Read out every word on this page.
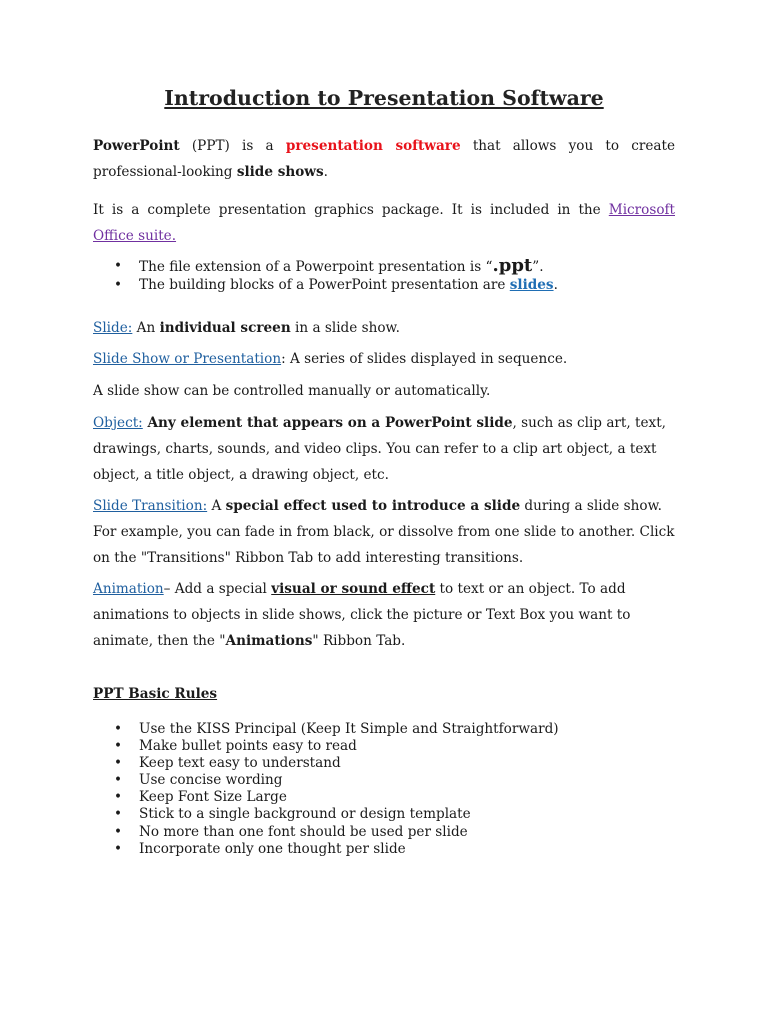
Introduction to Presentation Software

PowerPoint (PPT) is a presentation software that allows you to create professional-looking slide shows.

It is a complete presentation graphics package. It is included in the Microsoft Office suite.

• The file extension of a Powerpoint presentation is “.ppt”.
• The building blocks of a PowerPoint presentation are slides.

Slide: An individual screen in a slide show.

Slide Show or Presentation: A series of slides displayed in sequence.

A slide show can be controlled manually or automatically.

Object: Any element that appears on a PowerPoint slide, such as clip art, text, drawings, charts, sounds, and video clips. You can refer to a clip art object, a text object, a title object, a drawing object, etc.

Slide Transition: A special effect used to introduce a slide during a slide show. For example, you can fade in from black, or dissolve from one slide to another. Click on the "Transitions" Ribbon Tab to add interesting transitions.

Animation– Add a special visual or sound effect to text or an object. To add animations to objects in slide shows, click the picture or Text Box you want to animate, then the "Animations" Ribbon Tab.

PPT Basic Rules

• Use the KISS Principal (Keep It Simple and Straightforward)
• Make bullet points easy to read
• Keep text easy to understand
• Use concise wording
• Keep Font Size Large
• Stick to a single background or design template
• No more than one font should be used per slide
• Incorporate only one thought per slide
